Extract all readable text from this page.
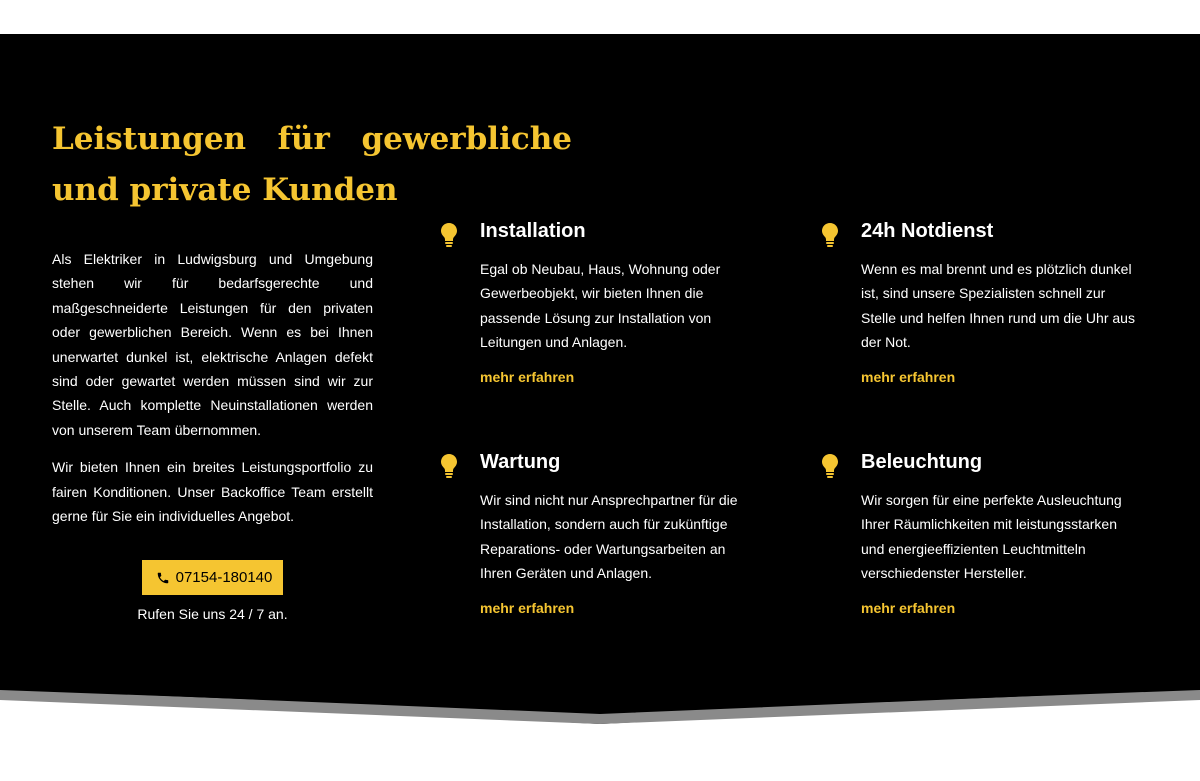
Leistungen für gewerbliche und private Kunden

Als Elektriker in Ludwigsburg und Umgebung stehen wir für bedarfsgerechte und maßgeschneiderte Leistungen für den privaten oder gewerblichen Bereich. Wenn es bei Ihnen unerwartet dunkel ist, elektrische Anlagen defekt sind oder gewartet werden müssen sind wir zur Stelle. Auch komplette Neuinstallationen werden von unserem Team übernommen.

Wir bieten Ihnen ein breites Leistungsportfolio zu fairen Konditionen. Unser Backoffice Team erstellt gerne für Sie ein individuelles Angebot.

07154-180140
Rufen Sie uns 24 / 7 an.
Installation

Egal ob Neubau, Haus, Wohnung oder Gewerbeobjekt, wir bieten Ihnen die passende Lösung zur Installation von Leitungen und Anlagen.

mehr erfahren
24h Notdienst

Wenn es mal brennt und es plötzlich dunkel ist, sind unsere Spezialisten schnell zur Stelle und helfen Ihnen rund um die Uhr aus der Not.

mehr erfahren
Wartung

Wir sind nicht nur Ansprechpartner für die Installation, sondern auch für zukünftige Reparations- oder Wartungsarbeiten an Ihren Geräten und Anlagen.

mehr erfahren
Beleuchtung

Wir sorgen für eine perfekte Ausleuchtung Ihrer Räumlichkeiten mit leistungsstarken und energieeffizienten Leuchtmitteln verschiedenster Hersteller.

mehr erfahren
